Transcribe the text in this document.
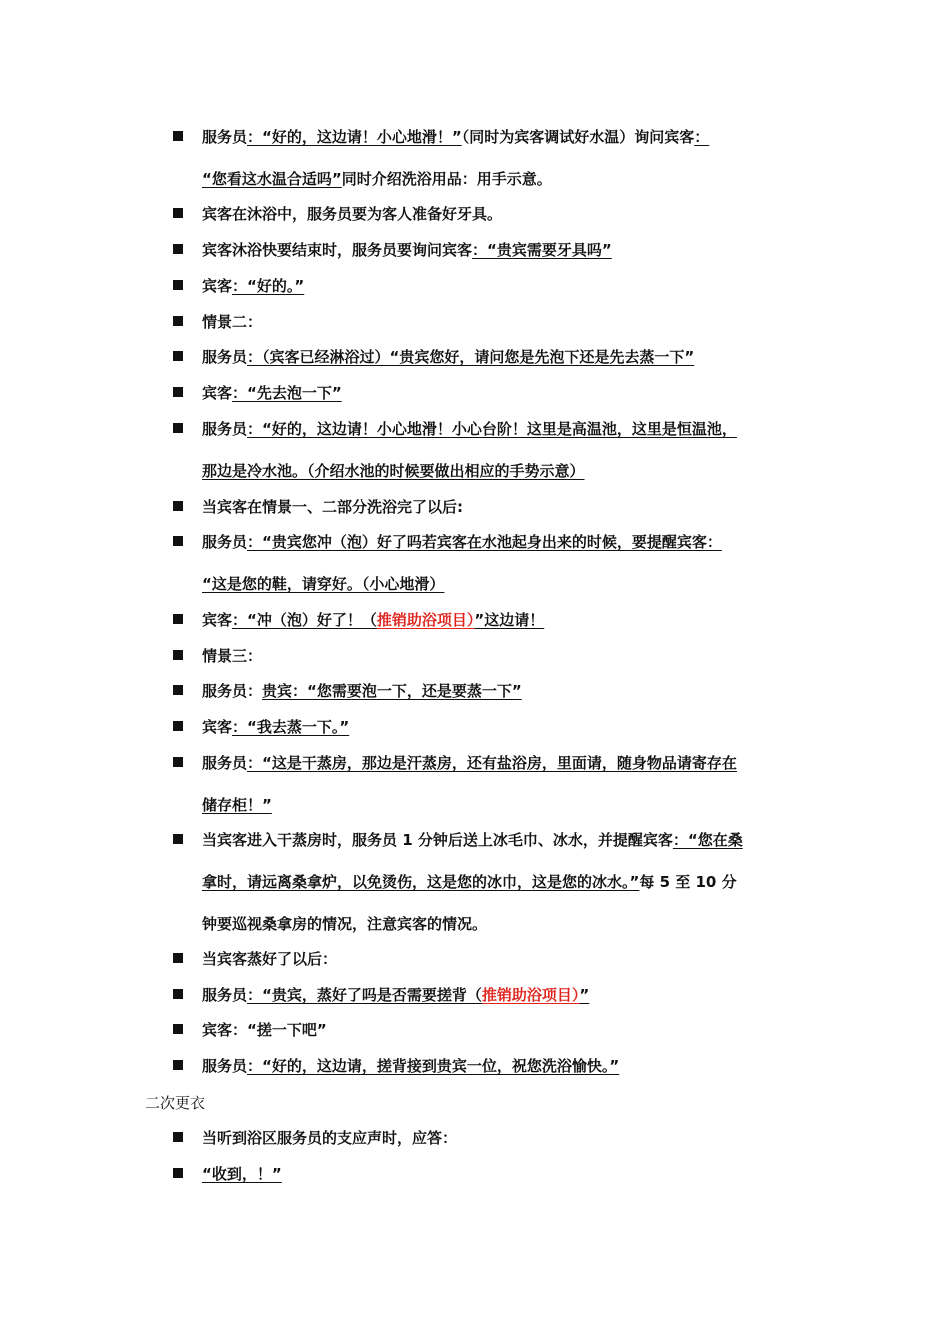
服务员：“好的，这边请！小心地滑！”（同时为宾客调试好水温）询问宾客：
“您看这水温合适吗”同时介绍洗浴用品：用手示意。
宾客在沐浴中，服务员要为客人准备好牙具。
宾客沐浴快要结束时，服务员要询问宾客：“贵宾需要牙具吗”
宾客：“好的。”
情景二：
服务员：（宾客已经淋浴过）“贵宾您好，请问您是先泡下还是先去蒸一下”
宾客：“先去泡一下”
服务员：“好的，这边请！小心地滑！小心台阶！这里是高温池，这里是恒温池，
那边是冷水池。（介绍水池的时候要做出相应的手势示意）
当宾客在情景一、二部分洗浴完了以后:
服务员：“贵宾您冲（泡）好了吗若宾客在水池起身出来的时候，要提醒宾客：
“这是您的鞋，请穿好。（小心地滑）
宾客：“冲（泡）好了！（推销助浴项目）”这边请！
情景三：
服务员：贵宾：“您需要泡一下，还是要蒸一下”
宾客：“我去蒸一下。”
服务员：“这是干蒸房，那边是汗蒸房，还有盐浴房，里面请，随身物品请寄存在
储存柜！”
当宾客进入干蒸房时，服务员 1 分钟后送上冰毛巾、冰水，并提醒宾客：“您在桑
拿时，请远离桑拿炉，以免烫伤，这是您的冰巾，这是您的冰水。”每 5 至 10 分
钟要巡视桑拿房的情况，注意宾客的情况。
当宾客蒸好了以后：
服务员：“贵宾，蒸好了吗是否需要搓背（推销助浴项目）”
宾客：“搓一下吧”
服务员：“好的，这边请，搓背接到贵宾一位，祝您洗浴愉快。”
二次更衣
当听到浴区服务员的支应声时，应答：
“收到，！”
